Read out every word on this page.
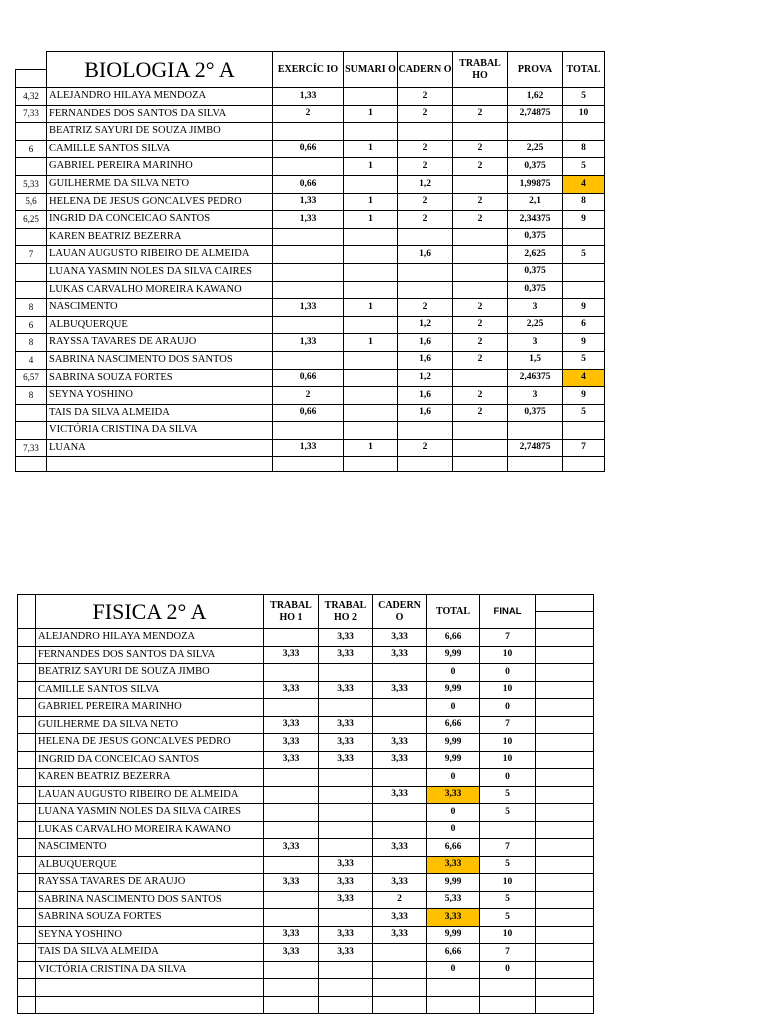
	BIOLOGIA 2° A	EXERCÍC IO	SUMARI O	CADERN O	TRABAL HO	PROVA	TOTAL

4,32	ALEJANDRO HILAYA MENDOZA	1,33		2		1,62	5
7,33	FERNANDES DOS SANTOS DA SILVA	2	1	2	2	2,74875	10
	BEATRIZ SAYURI DE SOUZA JIMBO						
6	CAMILLE SANTOS SILVA	0,66	1	2	2	2,25	8
	GABRIEL PEREIRA MARINHO		1	2	2	0,375	5
5,33	GUILHERME DA SILVA NETO	0,66		1,2		1,99875	4
5,6	HELENA DE JESUS GONCALVES PEDRO	1,33	1	2	2	2,1	8
6,25	INGRID DA CONCEICAO SANTOS	1,33	1	2	2	2,34375	9
	KAREN BEATRIZ BEZERRA					0,375	
7	LAUAN AUGUSTO RIBEIRO DE ALMEIDA			1,6		2,625	5
	LUANA YASMIN NOLES DA SILVA CAIRES					0,375	
	LUKAS CARVALHO MOREIRA KAWANO					0,375	
8	NASCIMENTO	1,33	1	2	2	3	9
6	ALBUQUERQUE			1,2	2	2,25	6
8	RAYSSA TAVARES DE ARAUJO	1,33	1	1,6	2	3	9
4	SABRINA NASCIMENTO DOS SANTOS			1,6	2	1,5	5
6,57	SABRINA SOUZA FORTES	0,66		1,2		2,46375	4
8	SEYNA YOSHINO	2		1,6	2	3	9
	TAIS DA SILVA ALMEIDA	0,66		1,6	2	0,375	5
	VICTÓRIA CRISTINA DA SILVA						
7,33	LUANA	1,33	1	2		2,74875	7

	FISICA 2° A	TRABAL HO 1	TRABAL HO 2	CADERN O	TOTAL	FINAL	

	ALEJANDRO HILAYA MENDOZA		3,33	3,33	6,66	7	
	FERNANDES DOS SANTOS DA SILVA	3,33	3,33	3,33	9,99	10	
	BEATRIZ SAYURI DE SOUZA JIMBO				0	0	
	CAMILLE SANTOS SILVA	3,33	3,33	3,33	9,99	10	
	GABRIEL PEREIRA MARINHO				0	0	
	GUILHERME DA SILVA NETO	3,33	3,33		6,66	7	
	HELENA DE JESUS GONCALVES PEDRO	3,33	3,33	3,33	9,99	10	
	INGRID DA CONCEICAO SANTOS	3,33	3,33	3,33	9,99	10	
	KAREN BEATRIZ BEZERRA				0	0	
	LAUAN AUGUSTO RIBEIRO DE ALMEIDA			3,33	3,33	5	
	LUANA YASMIN NOLES DA SILVA CAIRES				0	5	
	LUKAS CARVALHO MOREIRA KAWANO				0		
	NASCIMENTO	3,33		3,33	6,66	7	
	ALBUQUERQUE		3,33		3,33	5	
	RAYSSA TAVARES DE ARAUJO	3,33	3,33	3,33	9,99	10	
	SABRINA NASCIMENTO DOS SANTOS		3,33	2	5,33	5	
	SABRINA SOUZA FORTES			3,33	3,33	5	
	SEYNA YOSHINO	3,33	3,33	3,33	9,99	10	
	TAIS DA SILVA ALMEIDA	3,33	3,33		6,66	7	
	VICTÓRIA CRISTINA DA SILVA				0	0	
